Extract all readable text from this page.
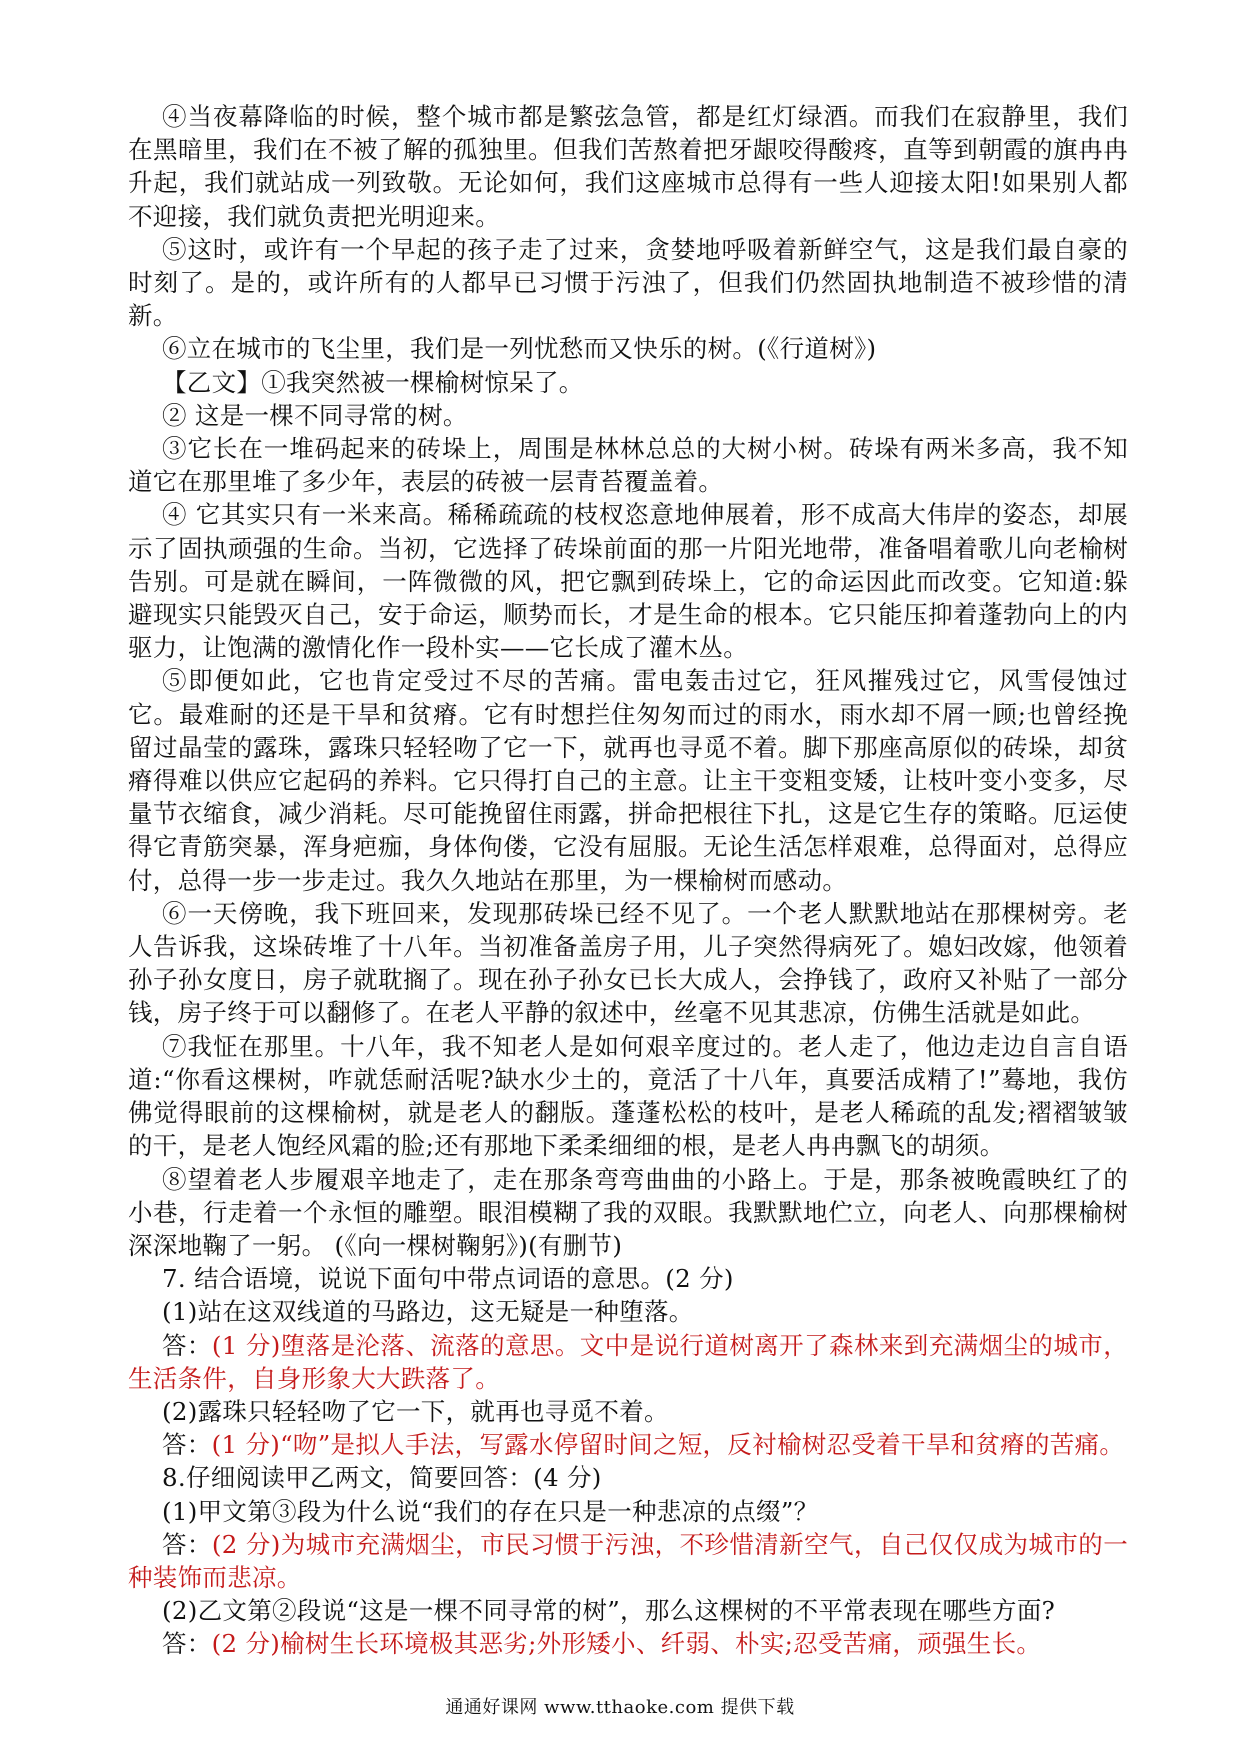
④当夜幕降临的时候，整个城市都是繁弦急管，都是红灯绿酒。而我们在寂静里，我们在黑暗里，我们在不被了解的孤独里。但我们苦熬着把牙龈咬得酸疼，直等到朝霞的旗冉冉升起，我们就站成一列致敬。无论如何，我们这座城市总得有一些人迎接太阳!如果别人都不迎接，我们就负责把光明迎来。

⑤这时，或许有一个早起的孩子走了过来，贪婪地呼吸着新鲜空气，这是我们最自豪的时刻了。是的，或许所有的人都早已习惯于污浊了，但我们仍然固执地制造不被珍惜的清新。

⑥立在城市的飞尘里，我们是一列忧愁而又快乐的树。(《行道树》)

【乙文】①我突然被一棵榆树惊呆了。

② 这是一棵不同寻常的树。

③它长在一堆码起来的砖垛上，周围是林林总总的大树小树。砖垛有两米多高，我不知道它在那里堆了多少年，表层的砖被一层青苔覆盖着。

④ 它其实只有一米来高。稀稀疏疏的枝杈恣意地伸展着，形不成高大伟岸的姿态，却展示了固执顽强的生命。当初，它选择了砖垛前面的那一片阳光地带，准备唱着歌儿向老榆树告别。可是就在瞬间，一阵微微的风，把它飘到砖垛上，它的命运因此而改变。它知道:躲避现实只能毁灭自己，安于命运，顺势而长，才是生命的根本。它只能压抑着蓬勃向上的内驱力，让饱满的激情化作一段朴实——它长成了灌木丛。

⑤即便如此，它也肯定受过不尽的苦痛。雷电轰击过它，狂风摧残过它，风雪侵蚀过它。最难耐的还是干旱和贫瘠。它有时想拦住匆匆而过的雨水，雨水却不屑一顾;也曾经挽留过晶莹的露珠，露珠只轻轻吻了它一下，就再也寻觅不着。脚下那座高原似的砖垛，却贫瘠得难以供应它起码的养料。它只得打自己的主意。让主干变粗变矮，让枝叶变小变多，尽量节衣缩食，减少消耗。尽可能挽留住雨露，拼命把根往下扎，这是它生存的策略。厄运使得它青筋突暴，浑身疤痂，身体佝偻，它没有屈服。无论生活怎样艰难，总得面对，总得应付，总得一步一步走过。我久久地站在那里，为一棵榆树而感动。

⑥一天傍晚，我下班回来，发现那砖垛已经不见了。一个老人默默地站在那棵树旁。老人告诉我，这垛砖堆了十八年。当初准备盖房子用，儿子突然得病死了。媳妇改嫁，他领着孙子孙女度日，房子就耽搁了。现在孙子孙女已长大成人，会挣钱了，政府又补贴了一部分钱，房子终于可以翻修了。在老人平静的叙述中，丝毫不见其悲凉，仿佛生活就是如此。

⑦我怔在那里。十八年，我不知老人是如何艰辛度过的。老人走了，他边走边自言自语道:“你看这棵树，咋就恁耐活呢?缺水少土的，竟活了十八年，真要活成精了!”蓦地，我仿佛觉得眼前的这棵榆树，就是老人的翻版。蓬蓬松松的枝叶，是老人稀疏的乱发;褶褶皱皱的干，是老人饱经风霜的脸;还有那地下柔柔细细的根，是老人冉冉飘飞的胡须。

⑧望着老人步履艰辛地走了，走在那条弯弯曲曲的小路上。于是，那条被晚霞映红了的小巷，行走着一个永恒的雕塑。眼泪模糊了我的双眼。我默默地伫立，向老人、向那棵榆树深深地鞠了一躬。 (《向一棵树鞠躬》)(有删节)

7. 结合语境，说说下面句中带点词语的意思。(2 分)

(1)站在这双线道的马路边，这无疑是一种堕落。

答：(1 分)堕落是沦落、流落的意思。文中是说行道树离开了森林来到充满烟尘的城市，生活条件，自身形象大大跌落了。

(2)露珠只轻轻吻了它一下，就再也寻觅不着。

答：(1 分)“吻”是拟人手法，写露水停留时间之短，反衬榆树忍受着干旱和贫瘠的苦痛。

8.仔细阅读甲乙两文，简要回答：(4 分)

(1)甲文第③段为什么说“我们的存在只是一种悲凉的点缀”？

答：(2 分)为城市充满烟尘，市民习惯于污浊，不珍惜清新空气，自己仅仅成为城市的一种装饰而悲凉。

(2)乙文第②段说“这是一棵不同寻常的树”，那么这棵树的不平常表现在哪些方面?

答：(2 分)榆树生长环境极其恶劣;外形矮小、纤弱、朴实;忍受苦痛，顽强生长。

通通好课网 www.tthaoke.com 提供下载
